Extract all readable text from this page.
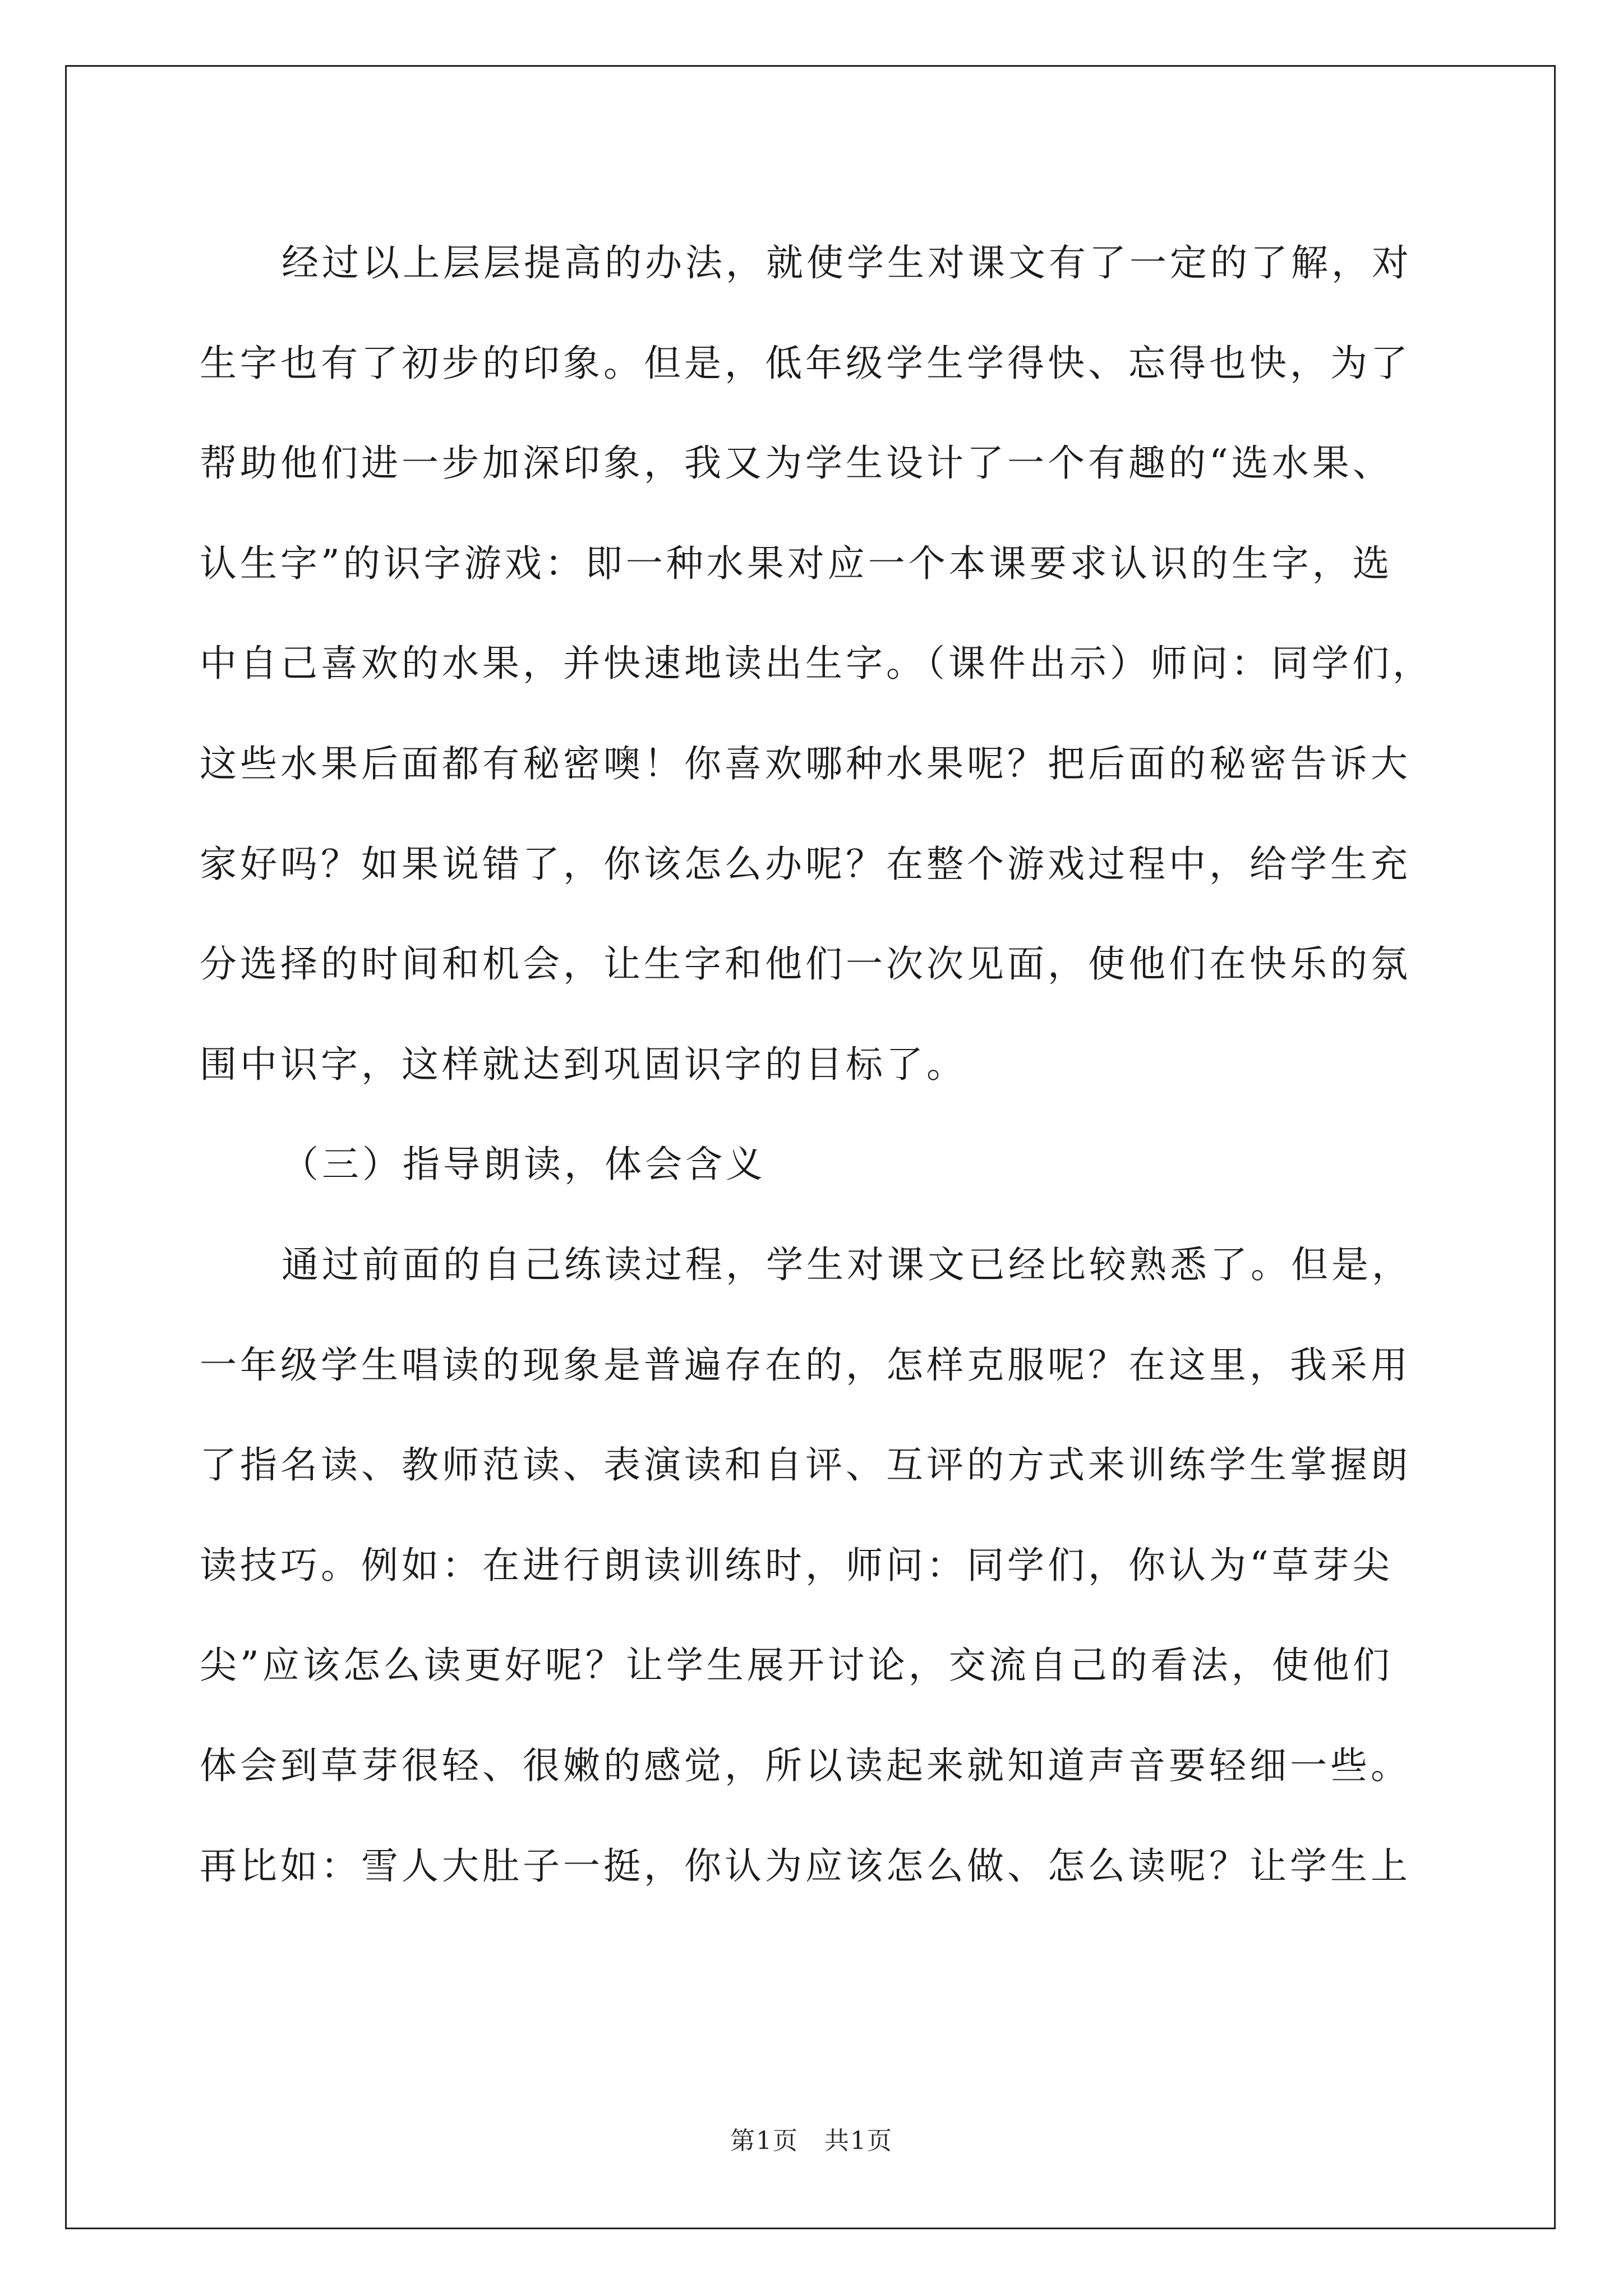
经过以上层层提高的办法，就使学生对课文有了一定的了解，对
生字也有了初步的印象。但是，低年级学生学得快、忘得也快，为了
帮助他们进一步加深印象，我又为学生设计了一个有趣的“选水果、
认生字”的识字游戏：即一种水果对应一个本课要求认识的生字，选
中自己喜欢的水果，并快速地读出生字。（课件出示）师问：同学们，
这些水果后面都有秘密噢！你喜欢哪种水果呢？把后面的秘密告诉大
家好吗？如果说错了，你该怎么办呢？在整个游戏过程中，给学生充
分选择的时间和机会，让生字和他们一次次见面，使他们在快乐的氛
围中识字，这样就达到巩固识字的目标了。
（三）指导朗读，体会含义
通过前面的自己练读过程，学生对课文已经比较熟悉了。但是，
一年级学生唱读的现象是普遍存在的，怎样克服呢？在这里，我采用
了指名读、教师范读、表演读和自评、互评的方式来训练学生掌握朗
读技巧。例如：在进行朗读训练时，师问：同学们，你认为“草芽尖
尖”应该怎么读更好呢？让学生展开讨论，交流自己的看法，使他们
体会到草芽很轻、很嫩的感觉，所以读起来就知道声音要轻细一些。
再比如：雪人大肚子一挺，你认为应该怎么做、怎么读呢？让学生上
第1页　共1页
